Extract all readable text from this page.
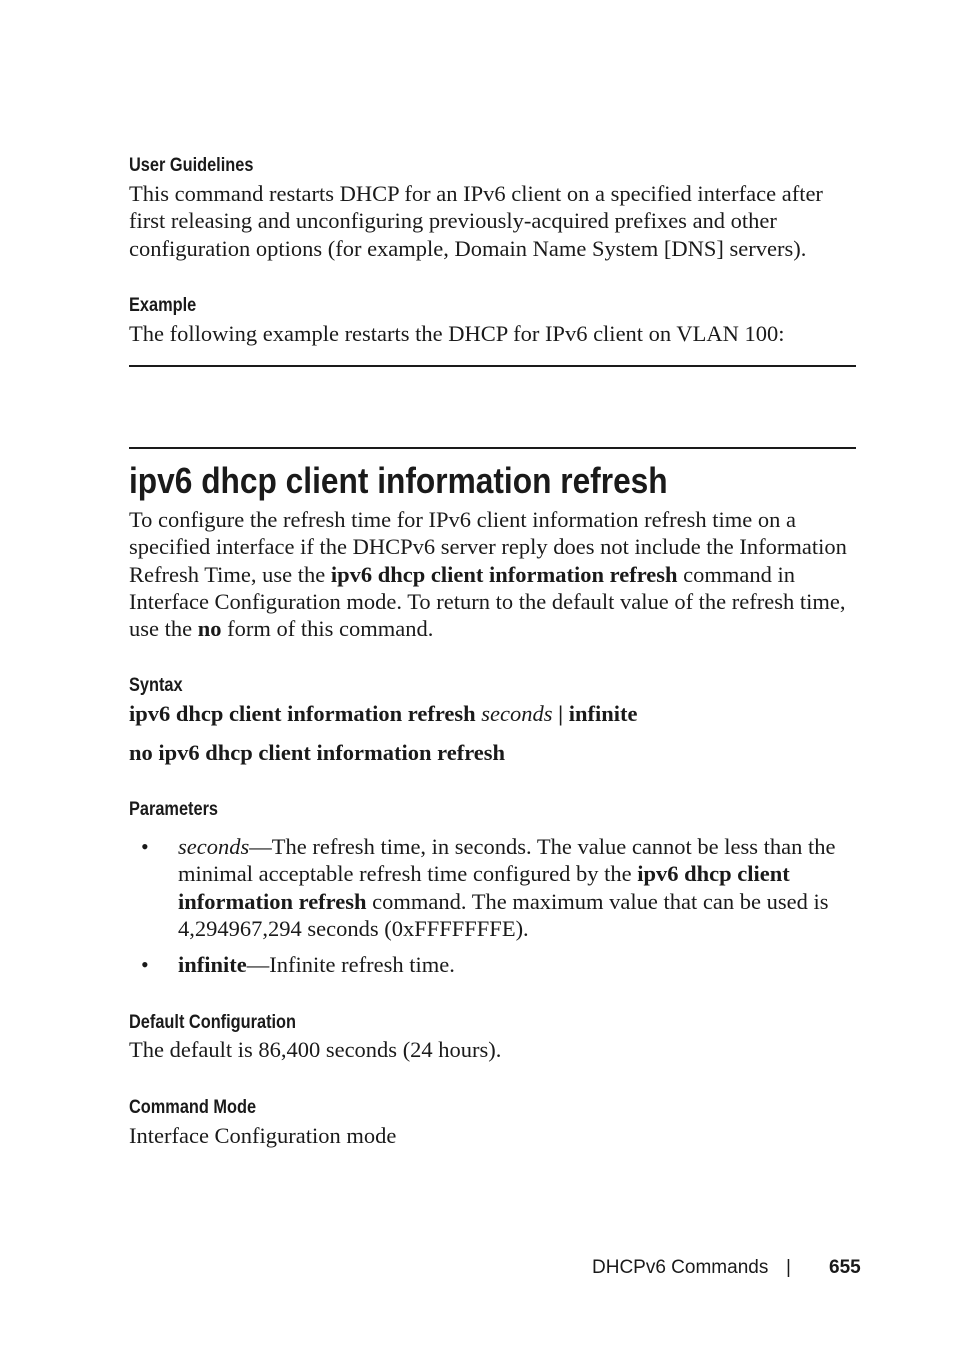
User Guidelines

This command restarts DHCP for an IPv6 client on a specified interface after first releasing and unconfiguring previously-acquired prefixes and other configuration options (for example, Domain Name System [DNS] servers).

Example

The following example restarts the DHCP for IPv6 client on VLAN 100:

ipv6 dhcp client information refresh

To configure the refresh time for IPv6 client information refresh time on a specified interface if the DHCPv6 server reply does not include the Information Refresh Time, use the ipv6 dhcp client information refresh command in Interface Configuration mode. To return to the default value of the refresh time, use the no form of this command.

Syntax
ipv6 dhcp client information refresh seconds | infinite
no ipv6 dhcp client information refresh
Parameters
• seconds—The refresh time, in seconds. The value cannot be less than the minimal acceptable refresh time configured by the ipv6 dhcp client information refresh command. The maximum value that can be used is 4,294967,294 seconds (0xFFFFFFFE).

• infinite—Infinite refresh time.

Default Configuration

The default is 86,400 seconds (24 hours).

Command Mode

Interface Configuration mode

DHCPv6 Commands | 655
